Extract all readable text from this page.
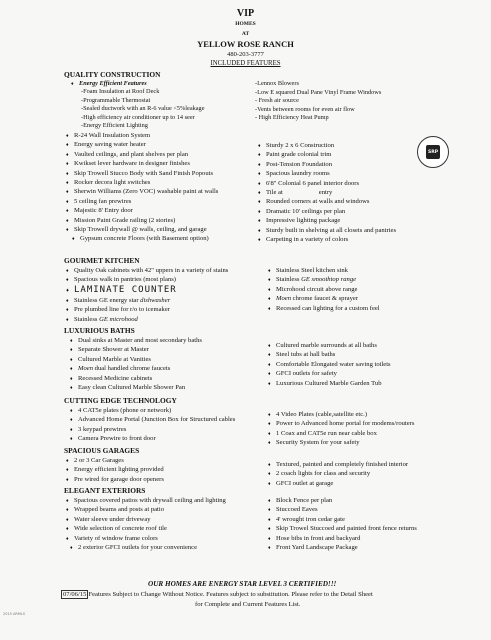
VIP
HOMES
AT
YELLOW ROSE RANCH
480-203-3777
INCLUDED FEATURES
SRP
QUALITY CONSTRUCTION
Energy Efficient Features
-Foam Insulation at Roof Deck
-Programmable Thermostat
-Sealed ductwork with an R-6 value <5%leakage
-High efficiency air conditioner up to 14 seer
-Energy Efficient Lighting
-Lennox Blowers
-Low E squared Dual Pane Vinyl Frame Windows
- Fresh air source
-Vents between rooms for even air flow
- High Efficiency Heat Pump
♦ R-24 Wall Insulation System
♦ Energy saving water heater
♦ Vaulted ceilings, and plant shelves per plan
♦ Kwikset lever hardware in designer finishes
♦ Skip Trowell Stucco Body with Sand Finish Popouts
♦ Rocker decora light switches
♦ Sherwin Williams (Zero VOC) washable paint at walls
♦ 5 ceiling fan prewires
♦ Majestic 8' Entry door
♦ Mission Paint Grade railing (2 stories)
♦ Skip Trowell drywall @ walls, ceiling, and garage
♦ Gypsum concrete Floors (with Basement option)
♦ Sturdy 2 x 6 Construction
♦ Paint grade colonial trim
♦ Post-Tension Foundation
♦ Spacious laundry rooms
♦ 6'8" Colonial 6 panel interior doors
♦ Tile at	entry
♦ Rounded corners at walls and windows
♦ Dramatic 10' ceilings per plan
♦ Impressive lighting package
♦ Sturdy built in shelving at all closets and pantries
♦ Carpeting in a variety of colors
GOURMET KITCHEN
♦ Quality Oak cabinets with 42" uppers in a variety of stains
♦ Spacious walk in pantries (most plans)
♦ LAMINATE COUNTER
♦ Stainless GE energy star dishwasher
♦ Pre plumbed line for r/o to icemaker
♦ Stainless GE microhood
♦ Stainless Steel kitchen sink
♦ Stainless GE smoothtop range
♦ Microhood circuit above range
♦ Moen chrome faucet & sprayer
♦ Recessed can lighting for a custom feel
LUXURIOUS BATHS
♦ Dual sinks at Master and most secondary baths
♦ Separate Shower at Master
♦ Cultured Marble at Vanities
♦ Moen dual handled chrome faucets
♦ Recessed Medicine cabinets
♦ Easy clean Cultured Marble Shower Pan
♦ Cultured marble surrounds at all baths
♦ Steel tubs at hall baths
♦ Comfortable Elongated water saving toilets
♦ GFCI outlets for safety
♦ Luxurious Cultured Marble Garden Tub
CUTTING EDGE TECHNOLOGY
♦ 4 CAT5e plates (phone or network)
♦ Advanced Home Portal (Junction Box for Structured cables
♦ 3 keypad prewires
♦ Camera Prewire to front door
♦ 4 Video Plates (cable,satellite etc.)
♦ Power to Advanced home portal for modems/routers
♦ 1 Coax and CAT5e run near cable box
♦ Security System for your safety
SPACIOUS GARAGES
♦ 2 or 3 Car Garages
♦ Energy efficient lighting provided
♦ Pre wired for garage door openers
♦ Textured, painted and completely finished interior
♦ 2 coach lights for class and security
♦ GFCI outlet at garage
ELEGANT EXTERIORS
♦ Spacious covered patios with drywall ceiling and lighting
♦ Wrapped beams and posts at patio
♦ Water sleeve under driveway
♦ Wide selection of concrete roof tile
♦ Variety of window frame colors
♦ 2 exterior GFCI outlets for your convenience
♦ Block Fence per plan
♦ Stuccoed Eaves
♦ 4' wrought iron cedar gate
♦ Skip Trowel Stuccoed and painted front fence returns
♦ Hose bibs in front and backyard
♦ Front Yard Landscape Package
OUR HOMES ARE ENERGY STAR LEVEL 3 CERTIFIED!!!
07/06/15 Features Subject to Change Without Notice. Features subject to substitution. Please refer to the Detail Sheet
for Complete and Current Features List.
2015 ARMLS
